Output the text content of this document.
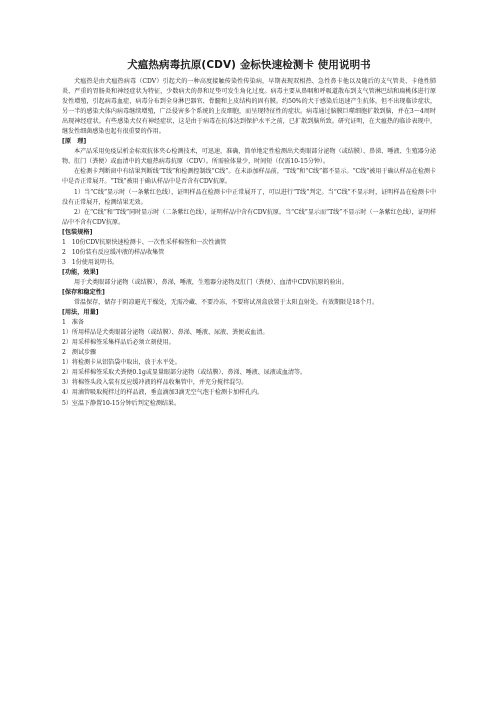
犬瘟热病毒抗原(CDV) 金标快速检测卡 使用说明书

犬瘟热是由犬瘟热病毒（CDV）引起犬的一种高度接触传染性传染病，早期表现双相热、急性鼻卡他以及随后的支气管炎、卡他性肺炎、严重的胃肠炎和神经症状为特征，少数病犬的鼻和足垫可发生角化过度。病毒主要从鼻咽和呼吸道散布到支气管淋巴结和扁桃体进行原发性增殖，引起病毒血症，病毒分布到全身淋巴器官、骨髓和上皮结构的固有膜。约50%的犬于感染后迅速产生抗体，但不出现临诊症状，另一半的感染犬体内病毒继续增殖，广泛侵害多个系统的上皮细胞，而呈现特征性的症状。病毒通过脑膜巨噬细胞扩散到脑，并在3～4周时出现神经症状。有些感染犬仅有神经症状，这是由于病毒在抗体达到保护水平之前，已扩散到脑所致。研究证明，在犬瘟热的临诊表现中，继发性细菌感染也起有很重要的作用。

[原　理]

本产品采用免疫层析金标双抗体夹心检测技术，可迅速，准确，简单地定性检测出犬类眼部分泌物（或结膜）、鼻涕、唾液、生殖器分泌物、肛门（粪便）或血清中的犬瘟热病毒抗原（CDV）。所需验体量少，时间短（仅需10-15分钟）。

在检测卡判断窗中有结果判断线“T线”和检测控制线“C线”。在未添加样品前，“T线”和“C线”都不显示。“C线”被用于确认样品在检测卡中是否正常展开。“T线”被用于确认样品中是否含有CDV抗原。

1）当“C线”显示时（一条紫红色线），证明样品在检测卡中正常展开了，可以进行“T线”判定。当“C线”不显示时，证明样品在检测卡中没有正常展开，检测结果无效。

2）在“C线”和“T线”同时显示时（二条紫红色线），证明样品中含有CDV抗原。当“C线”显示而“T线”不显示时（一条紫红色线），证明样品中不含有CDV抗原。

[包装规格]

1　10份CDV抗原快速检测卡、一次性采样棉签和一次性滴管

2　10份装有反应缓冲液的样品收集管

3　1份使用说明书。

[功能，效果]

用于犬类眼部分泌物（或结膜），鼻涕，唾液，生殖器分泌物及肛门（粪便）、血清中CDV抗原的验出。

[保存和稳定性]

常温保存，储存于阴凉避光干燥处，无需冷藏、不要冷冻，不要将试剂盒放置于太阳直射处。有效期限是18个月。

[用法，用量]

1　准备

1）所用样品是犬类眼部分泌物（或结膜）、鼻涕、唾液、尿液、粪便或血清。

2）用采样棉签采集样品后必须立刻使用。

2　测试步骤

1）将检测卡从铝箔袋中取出，放于水平处。

2）用采样棉签采取犬粪便0.1g或显量眼部分泌物（或结膜）、鼻涕、唾液、尿液或血清等。

3）将棉签头段入装有反应缓冲液的样品收集管中，并充分搅拌混匀。

4）用滴管吸取搅拌过的样品液，垂直滴加3滴无空气泡于检测卡加样孔内。

5）室温下静置10-15分钟后判定检测结果。
